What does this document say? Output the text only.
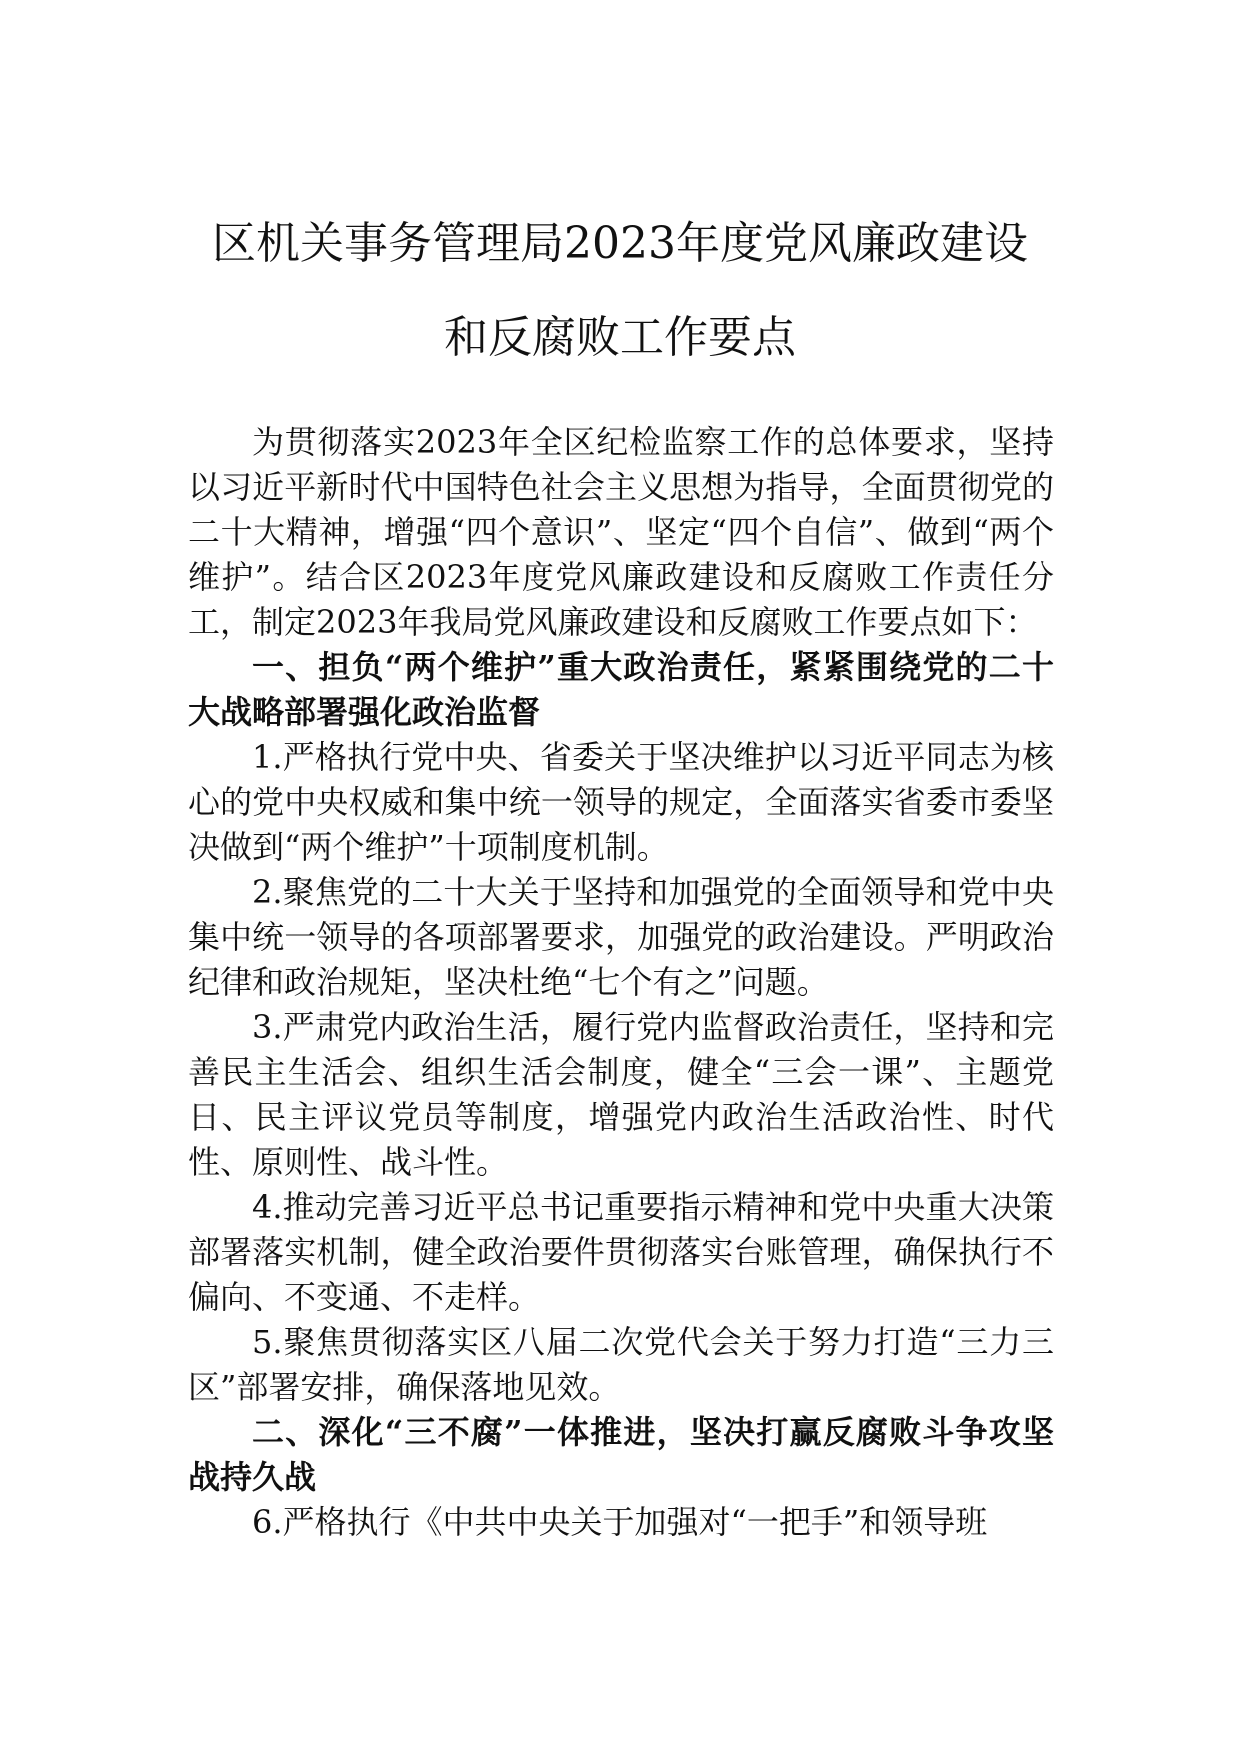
区机关事务管理局2023年度党风廉政建设
和反腐败工作要点

为贯彻落实2023年全区纪检监察工作的总体要求，坚持以习近平新时代中国特色社会主义思想为指导，全面贯彻党的二十大精神，增强“四个意识”、坚定“四个自信”、做到“两个维护”。结合区2023年度党风廉政建设和反腐败工作责任分工，制定2023年我局党风廉政建设和反腐败工作要点如下：

一、担负“两个维护”重大政治责任，紧紧围绕党的二十大战略部署强化政治监督

1.严格执行党中央、省委关于坚决维护以习近平同志为核心的党中央权威和集中统一领导的规定，全面落实省委市委坚决做到“两个维护”十项制度机制。

2.聚焦党的二十大关于坚持和加强党的全面领导和党中央集中统一领导的各项部署要求，加强党的政治建设。严明政治纪律和政治规矩，坚决杜绝“七个有之”问题。

3.严肃党内政治生活，履行党内监督政治责任，坚持和完善民主生活会、组织生活会制度，健全“三会一课”、主题党日、民主评议党员等制度，增强党内政治生活政治性、时代性、原则性、战斗性。

4.推动完善习近平总书记重要指示精神和党中央重大决策部署落实机制，健全政治要件贯彻落实台账管理，确保执行不偏向、不变通、不走样。

5.聚焦贯彻落实区八届二次党代会关于努力打造“三力三区”部署安排，确保落地见效。

二、深化“三不腐”一体推进，坚决打赢反腐败斗争攻坚战持久战

6.严格执行《中共中央关于加强对“一把手”和领导班
